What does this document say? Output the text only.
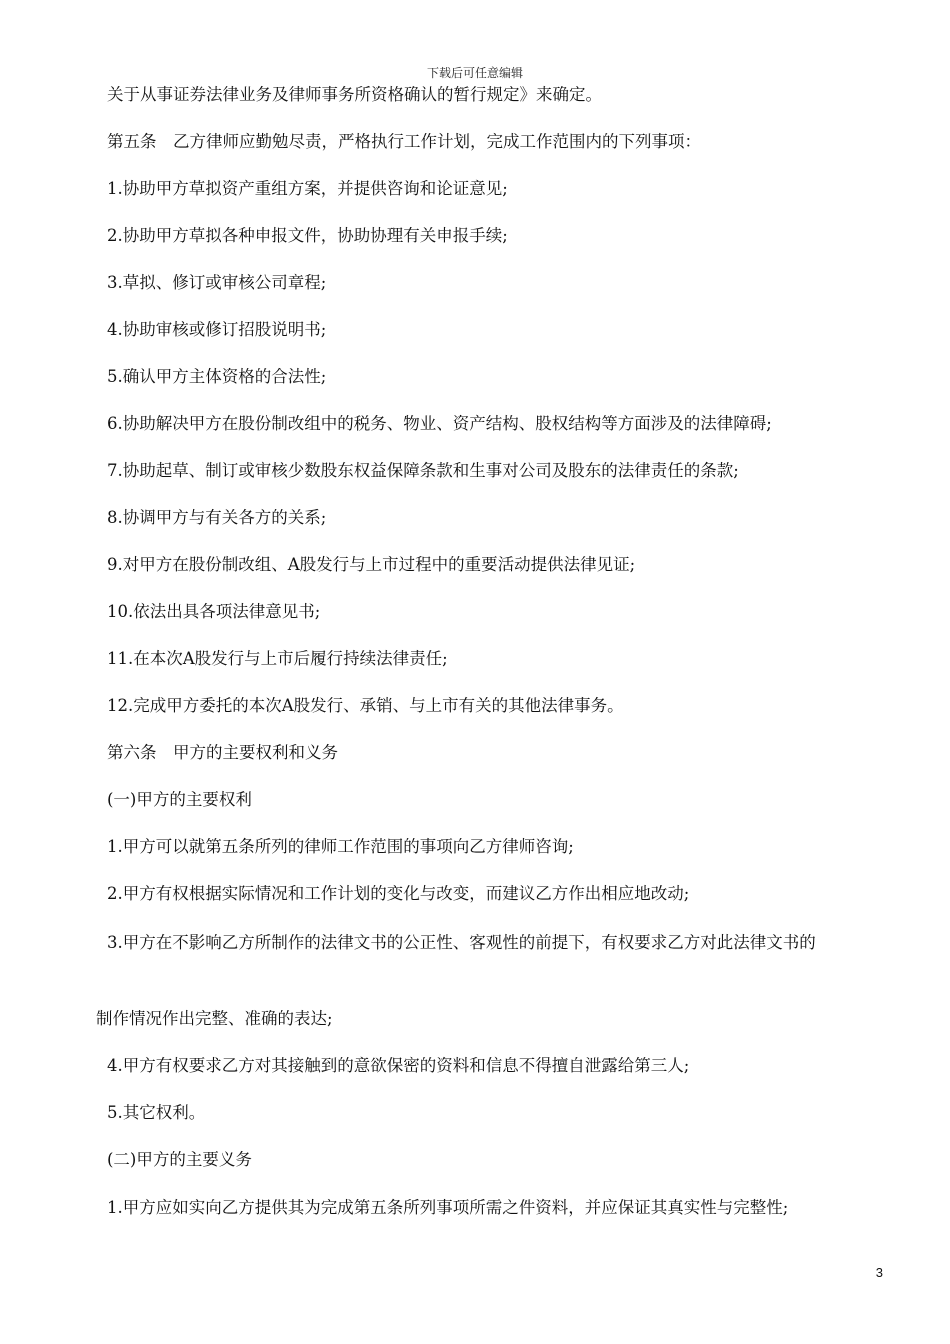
下载后可任意编辑
关于从事证券法律业务及律师事务所资格确认的暂行规定》来确定。
第五条　乙方律师应勤勉尽责，严格执行工作计划，完成工作范围内的下列事项：
1.协助甲方草拟资产重组方案，并提供咨询和论证意见;
2.协助甲方草拟各种申报文件，协助协理有关申报手续;
3.草拟、修订或审核公司章程;
4.协助审核或修订招股说明书;
5.确认甲方主体资格的合法性;
6.协助解决甲方在股份制改组中的税务、物业、资产结构、股权结构等方面涉及的法律障碍;
7.协助起草、制订或审核少数股东权益保障条款和生事对公司及股东的法律责任的条款;
8.协调甲方与有关各方的关系;
9.对甲方在股份制改组、A股发行与上市过程中的重要活动提供法律见证;
10.依法出具各项法律意见书;
11.在本次A股发行与上市后履行持续法律责任;
12.完成甲方委托的本次A股发行、承销、与上市有关的其他法律事务。
第六条　甲方的主要权利和义务
(一)甲方的主要权利
1.甲方可以就第五条所列的律师工作范围的事项向乙方律师咨询;
2.甲方有权根据实际情况和工作计划的变化与改变，而建议乙方作出相应地改动;
3.甲方在不影响乙方所制作的法律文书的公正性、客观性的前提下，有权要求乙方对此法律文书的
制作情况作出完整、准确的表达;
4.甲方有权要求乙方对其接触到的意欲保密的资料和信息不得擅自泄露给第三人;
5.其它权利。
(二)甲方的主要义务
1.甲方应如实向乙方提供其为完成第五条所列事项所需之件资料，并应保证其真实性与完整性;
3
